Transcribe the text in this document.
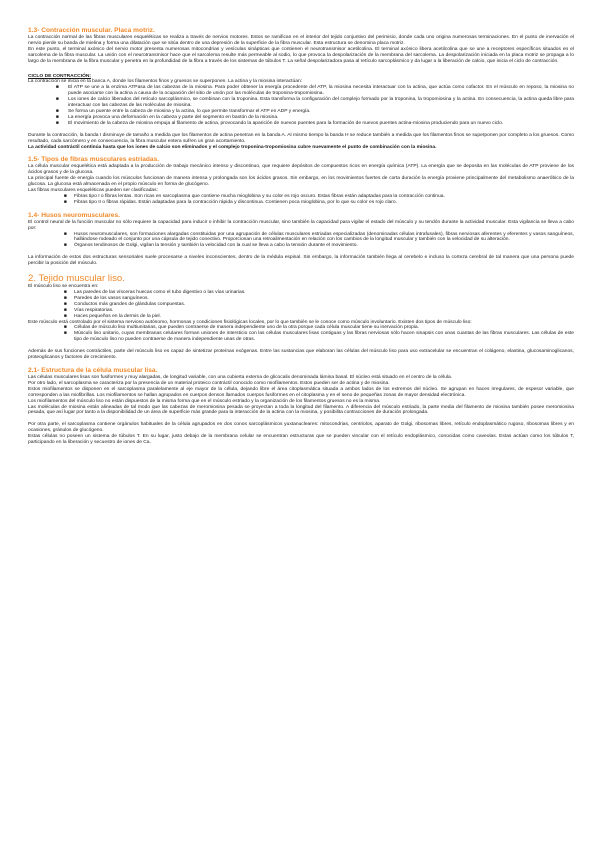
1.3- Contracción muscular. Placa motriz.

La contracción normal de las fibras musculares esqueléticas se realiza a través de nervios motores. Estos se ramifican en el interior del tejido conjuntivo del perimisio, donde cada uno origina numerosas terminaciones. En el punto de inervación el nervio pierde su banda de mielina y forma una dilatación que se sitúa dentro de una depresión de la superficie de la fibra muscular. Esta estructura se denomina placa motriz.

En este punto, el terminal axónico del nervio motor presenta numerosas mitocondrias y vesículas sinápticas que contienen el neurotransmisor acetilcolina. El terminal axónico libera acetilcolina que se une a receptores específicos situados en el sarcolema de la fibra muscular. La unión con el neurotransmisor hace que el sarcolema resulte más permeable al sodio, lo que provoca la despolarización de la membrana del sarcolema. La despolarización iniciada en la placa motriz se propaga a lo largo de la membrana de la fibra muscular y penetra en la profundidad de la fibra a través de los sistemas de túbulos T. La señal despolarizadora pasa al retículo sarcoplásmico y da lugar a la liberación de calcio, que inicia el ciclo de contracción.

CICLO DE CONTRACCIÓN:

La contracción se inicia en la banca A, donde los filamentos finos y gruesos se superponen. La actina y la miosina interactúan:

■ El ATP se une a la enzima ATPasa de las cabezas de la miosina. Para poder obtener la energía procedente del ATP, la miosina necesita interactuar con la actina, que actúa como cofactor. En el músculo en reposo, la miosina no puede asociarse con la actina a causa de la ocupación del sitio de unión por las moléculas de troponina-tropomiosina.
■ Los iones de calcio liberados del retículo sarcoplásmico, se combinan con la troponina. Esta transforma la configuración del complejo formado por la troponina, la tropomiosina y la actina. En consecuencia, la actina queda libre para interactuar con las cabezas de las moléculas de miosina.
■ Se forma un puente entre la cabeza de miosina y la actina, lo que permite transformar el ATP en ADP y energía.
■ La energía provoca una deformación en la cabeza y parte del segmento en bastón de la miosina.
■ El movimiento de la cabeza de miosina empuja al filamento de actina, provocando la aparición de nuevos puentes para la formación de nuevos puentes actina-miosina produciendo para un nuevo ciclo.

Durante la contracción, la banda I disminuye de tamaño a medida que los filamentos de actina penetran en la banda A. Al mismo tiempo la banda H se reduce también a medida que los filamentos finos se superponen por completo a los gruesos. Como resultado, cada sarcómero y en consecuencia, la fibra muscular entera sufren un gran acortamiento.

La actividad contráctil continúa hasta que los iones de calcio son eliminados y el complejo troponina-tropomiosina cubre nuevamente el punto de combinación con la miosina.

1.5- Tipos de fibras musculares estriadas.

La célula muscular esquelética está adaptada a la producción de trabajo mecánico intenso y discontinuo, que requiere depósitos de compuestos ricos en energía química (ATP). La energía que se deposita en las moléculas de ATP proviene de los ácidos grasos y de la glucosa.

La principal fuente de energía cuando los músculos funcionan de manera intensa y prolongada son los ácidos grasos. Sin embargo, en los movimientos fuertes de corta duración la energía proviene principalmente del metabolismo anaeróbico de la glucosa. La glucosa está almacenada en el propio músculo en forma de glucógeno.

Las fibras musculares esqueléticas pueden ser clasificadas:

■ Fibras tipo I o fibras lentas. Son ricas en sarcoplasma que contiene mucha mioglobina y su color es rojo oscuro. Estas fibras están adaptadas para la contracción continua.
■ Fibras tipo II o fibras rápidas. Están adaptadas para la contracción rápida y discontinua. Contienen poca mioglobina, por lo que su color es rojo claro.

1.4- Husos neuromusculares.

El control neural de la función muscular no sólo requiere la capacidad para inducir o inhibir la contracción muscular, sino también la capacidad para vigilar el estado del músculo y su tendón durante la actividad muscular. Esta vigilancia se lleva a cabo por:

■ Husos neuromusculares, son formaciones alargadas constituidas por una agrupación de células musculares estriadas especializadas (denominadas células intrafusales), fibras nerviosas aferentes y eferentes y vasos sanguíneos, hallándose rodeado el conjunto por una cápsula de tejido conectivo. Proporcionan una retroalimentación en relación con los cambios de la longitud muscular y también con la velocidad de su alteración.
■ Órganos tendinosos de Golgi, vigilan la tensión y también la velocidad con la cual se lleva a cabo la tensión durante el movimiento.

La información de estos dos estructuras sensoriales suele procesarse a niveles inconscientes, dentro de la médula espinal. Sin embargo, la información también llega al cerebelo e incluso la corteza cerebral de tal manera que una persona puede percibir la posición del músculo.

2. Tejido muscular liso.

El músculo liso se encuentra en:

■ Las paredes de las vísceras huecas como el tubo digestivo o las vías urinarias.
■ Paredes de los vasos sanguíneos.
■ Conductos más grandes de glándulas compuestas.
■ Vías respiratorias.
■ Haces pequeños en la dermis de la piel.

Este músculo está controlado por el sistema nervioso autónomo, hormonas y condiciones fisiológicas locales, por lo que también se le conoce como músculo involuntario. Existen dos tipos de músculo liso:

■ Células de músculo liso multiunitarias, que pueden contraerse de manera independiente uno de la otra porque cada célula muscular tiene su inervación propia.
■ Músculo liso unitario, cuyas membranas celulares forman uniones de intersticio con las células musculares lisas contiguas y las fibras nerviosas sólo hacen sinapsis con unas cuantas de las fibras musculares. Las células de este tipo de músculo liso no pueden contraerse de manera independiente unas de otras.

Además de sus funciones contráctiles, parte del músculo liso es capaz de sintetizar proteínas exógenas. Entre las sustancias que elaboran las células del músculo liso para uso extracelular se encuentran el colágeno, elastina, glucosaminoglicanos, proteoglicanos y factores de crecimiento.

2.1- Estructura de la célula muscular lisa.

Las células musculares lisas son fusiformes y muy alargadas, de longitud variable, con una cubierta externa de glicocalix denominada lámina basal. El núcleo está situado en el centro de la célula.

Por otro lado, el sarcoplasma se caracteriza por la presencia de un material proteico contráctil conocido como miofilamentos. Estos pueden ser de actina y de miosina.

Estos miofilamentos se disponen en el sarcoplasma paralelamente al eje mayor de la célula, dejando libre el área citoplasmática situada a ambos lados de los extremos del núcleo. Se agrupan en haces irregulares, de espesor variable, que corresponden a las miofibrillas. Los miofilamentos se hallan agrupados en cuerpos densos llamados cuerpos fusiformes en el citoplasma y en el seno de pequeñas zonas de mayor densidad electrónica.

Los miofilamentos del músculo liso no están dispuestos de la misma forma que en el músculo estriado y la organización de los filamentos gruesos no es la misma.

Las moléculas de miosina están alineadas de tal modo que las cabezas de meromiosina pesada se proyectan a toda la longitud del filamento. A diferencia del músculo estriado, la parte media del filamento de miosina también posee meromiosina pesada, que así lugar por tanto a la disponibilidad de un área de superficie más grande para la interacción de la actina con la miosina, y posibilita contracciones de duración prolongada.

Por otra parte, el sarcoplasma contiene orgánulos habituales de la célula agrupados en dos conos sarcoplásmicos yuxtanucleares: mitocondrias, centriolos, aparato de Golgi, ribosomas libres, retículo endoplasmático rugoso, ribosomas libres y en ocasiones, gránulos de glucógeno.

Estas células no poseen un sistema de túbulos T. En su lugar, justo debajo de la membrana celular se encuentran estructuras que se pueden vincular con el retículo endoplásmico, conocidas como caveolas. Estas actúan como los túbulos T, participando en la liberación y secuestro de iones de Ca.
